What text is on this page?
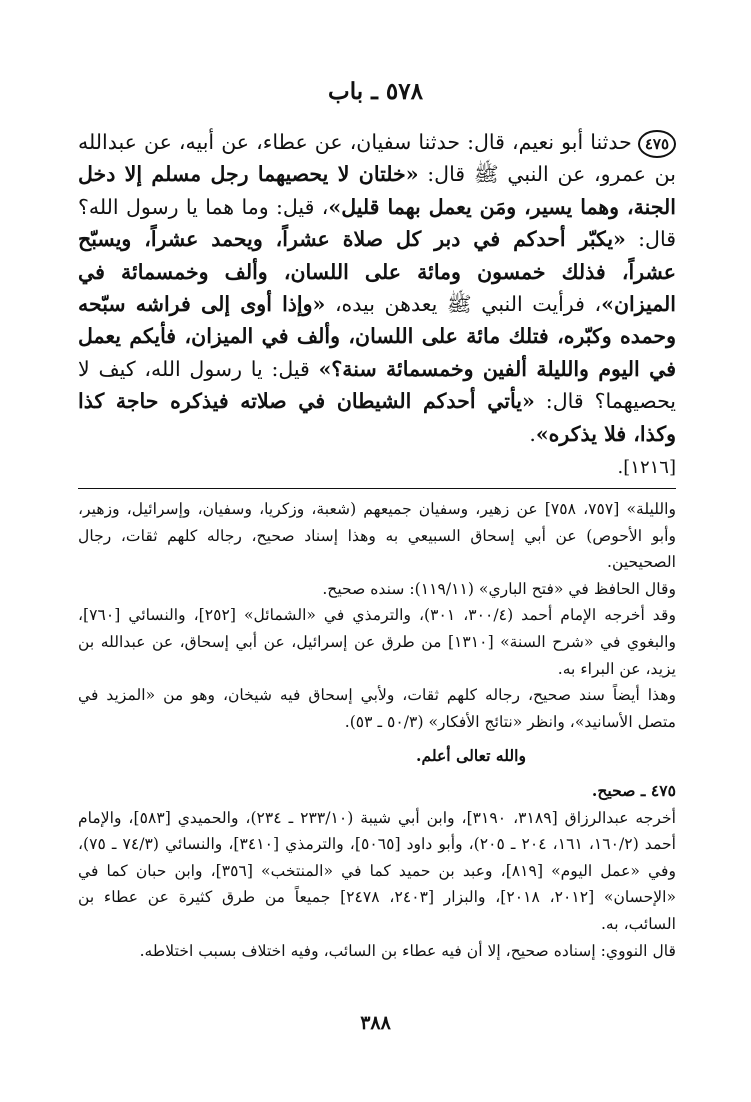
٥٧٨ ـ باب
٤٧٥حدثنا أبو نعيم، قال: حدثنا سفيان، عن عطاء، عن أبيه، عن عبدالله بن عمرو، عن النبي ﷺ قال: «خلتان لا يحصيهما رجل مسلم إلا دخل الجنة، وهما يسير، ومَن يعمل بهما قليل»، قيل: وما هما يا رسول الله؟ قال: «يكبّر أحدكم في دبر كل صلاة عشراً، ويحمد عشراً، ويسبّح عشراً، فذلك خمسون ومائة على اللسان، وألف وخمسمائة في الميزان»، فرأيت النبي ﷺ يعدهن بيده، «وإذا أوى إلى فراشه سبّحه وحمده وكبّره، فتلك مائة على اللسان، وألف في الميزان، فأيكم يعمل في اليوم والليلة ألفين وخمسمائة سنة؟» قيل: يا رسول الله، كيف لا يحصيهما؟ قال: «يأتي أحدكم الشيطان في صلاته فيذكره حاجة كذا وكذا، فلا يذكره».
[١٢١٦].

والليلة» [٧٥٧، ٧٥٨] عن زهير، وسفيان جميعهم (شعبة، وزكريا، وسفيان، وإسرائيل، وزهير، وأبو الأحوص) عن أبي إسحاق السبيعي به وهذا إسناد صحيح، رجاله كلهم ثقات، رجال الصحيحين.

وقال الحافظ في «فتح الباري» (١١٩/١١): سنده صحيح.

وقد أخرجه الإمام أحمد (٣٠٠/٤، ٣٠١)، والترمذي في «الشمائل» [٢٥٢]، والنسائي [٧٦٠]، والبغوي في «شرح السنة» [١٣١٠] من طرق عن إسرائيل، عن أبي إسحاق، عن عبدالله بن يزيد، عن البراء به.

وهذا أيضاً سند صحيح، رجاله كلهم ثقات، ولأبي إسحاق فيه شيخان، وهو من «المزيد في متصل الأسانيد»، وانظر «نتائج الأفكار» (٥٠/٣ ـ ٥٣).

والله تعالى أعلم.

٤٧٥ ـ صحيح.

أخرجه عبدالرزاق [٣١٨٩، ٣١٩٠]، وابن أبي شيبة (٢٣٣/١٠ ـ ٢٣٤)، والحميدي [٥٨٣]، والإمام أحمد (١٦٠/٢، ١٦١، ٢٠٤ ـ ٢٠٥)، وأبو داود [٥٠٦٥]، والترمذي [٣٤١٠]، والنسائي (٧٤/٣ ـ ٧٥)، وفي «عمل اليوم» [٨١٩]، وعبد بن حميد كما في «المنتخب» [٣٥٦]، وابن حبان كما في «الإحسان» [٢٠١٢، ٢٠١٨]، والبزار [٢٤٠٣، ٢٤٧٨] جميعاً من طرق كثيرة عن عطاء بن السائب، به.

قال النووي: إسناده صحيح، إلا أن فيه عطاء بن السائب، وفيه اختلاف بسبب اختلاطه.

٣٨٨
